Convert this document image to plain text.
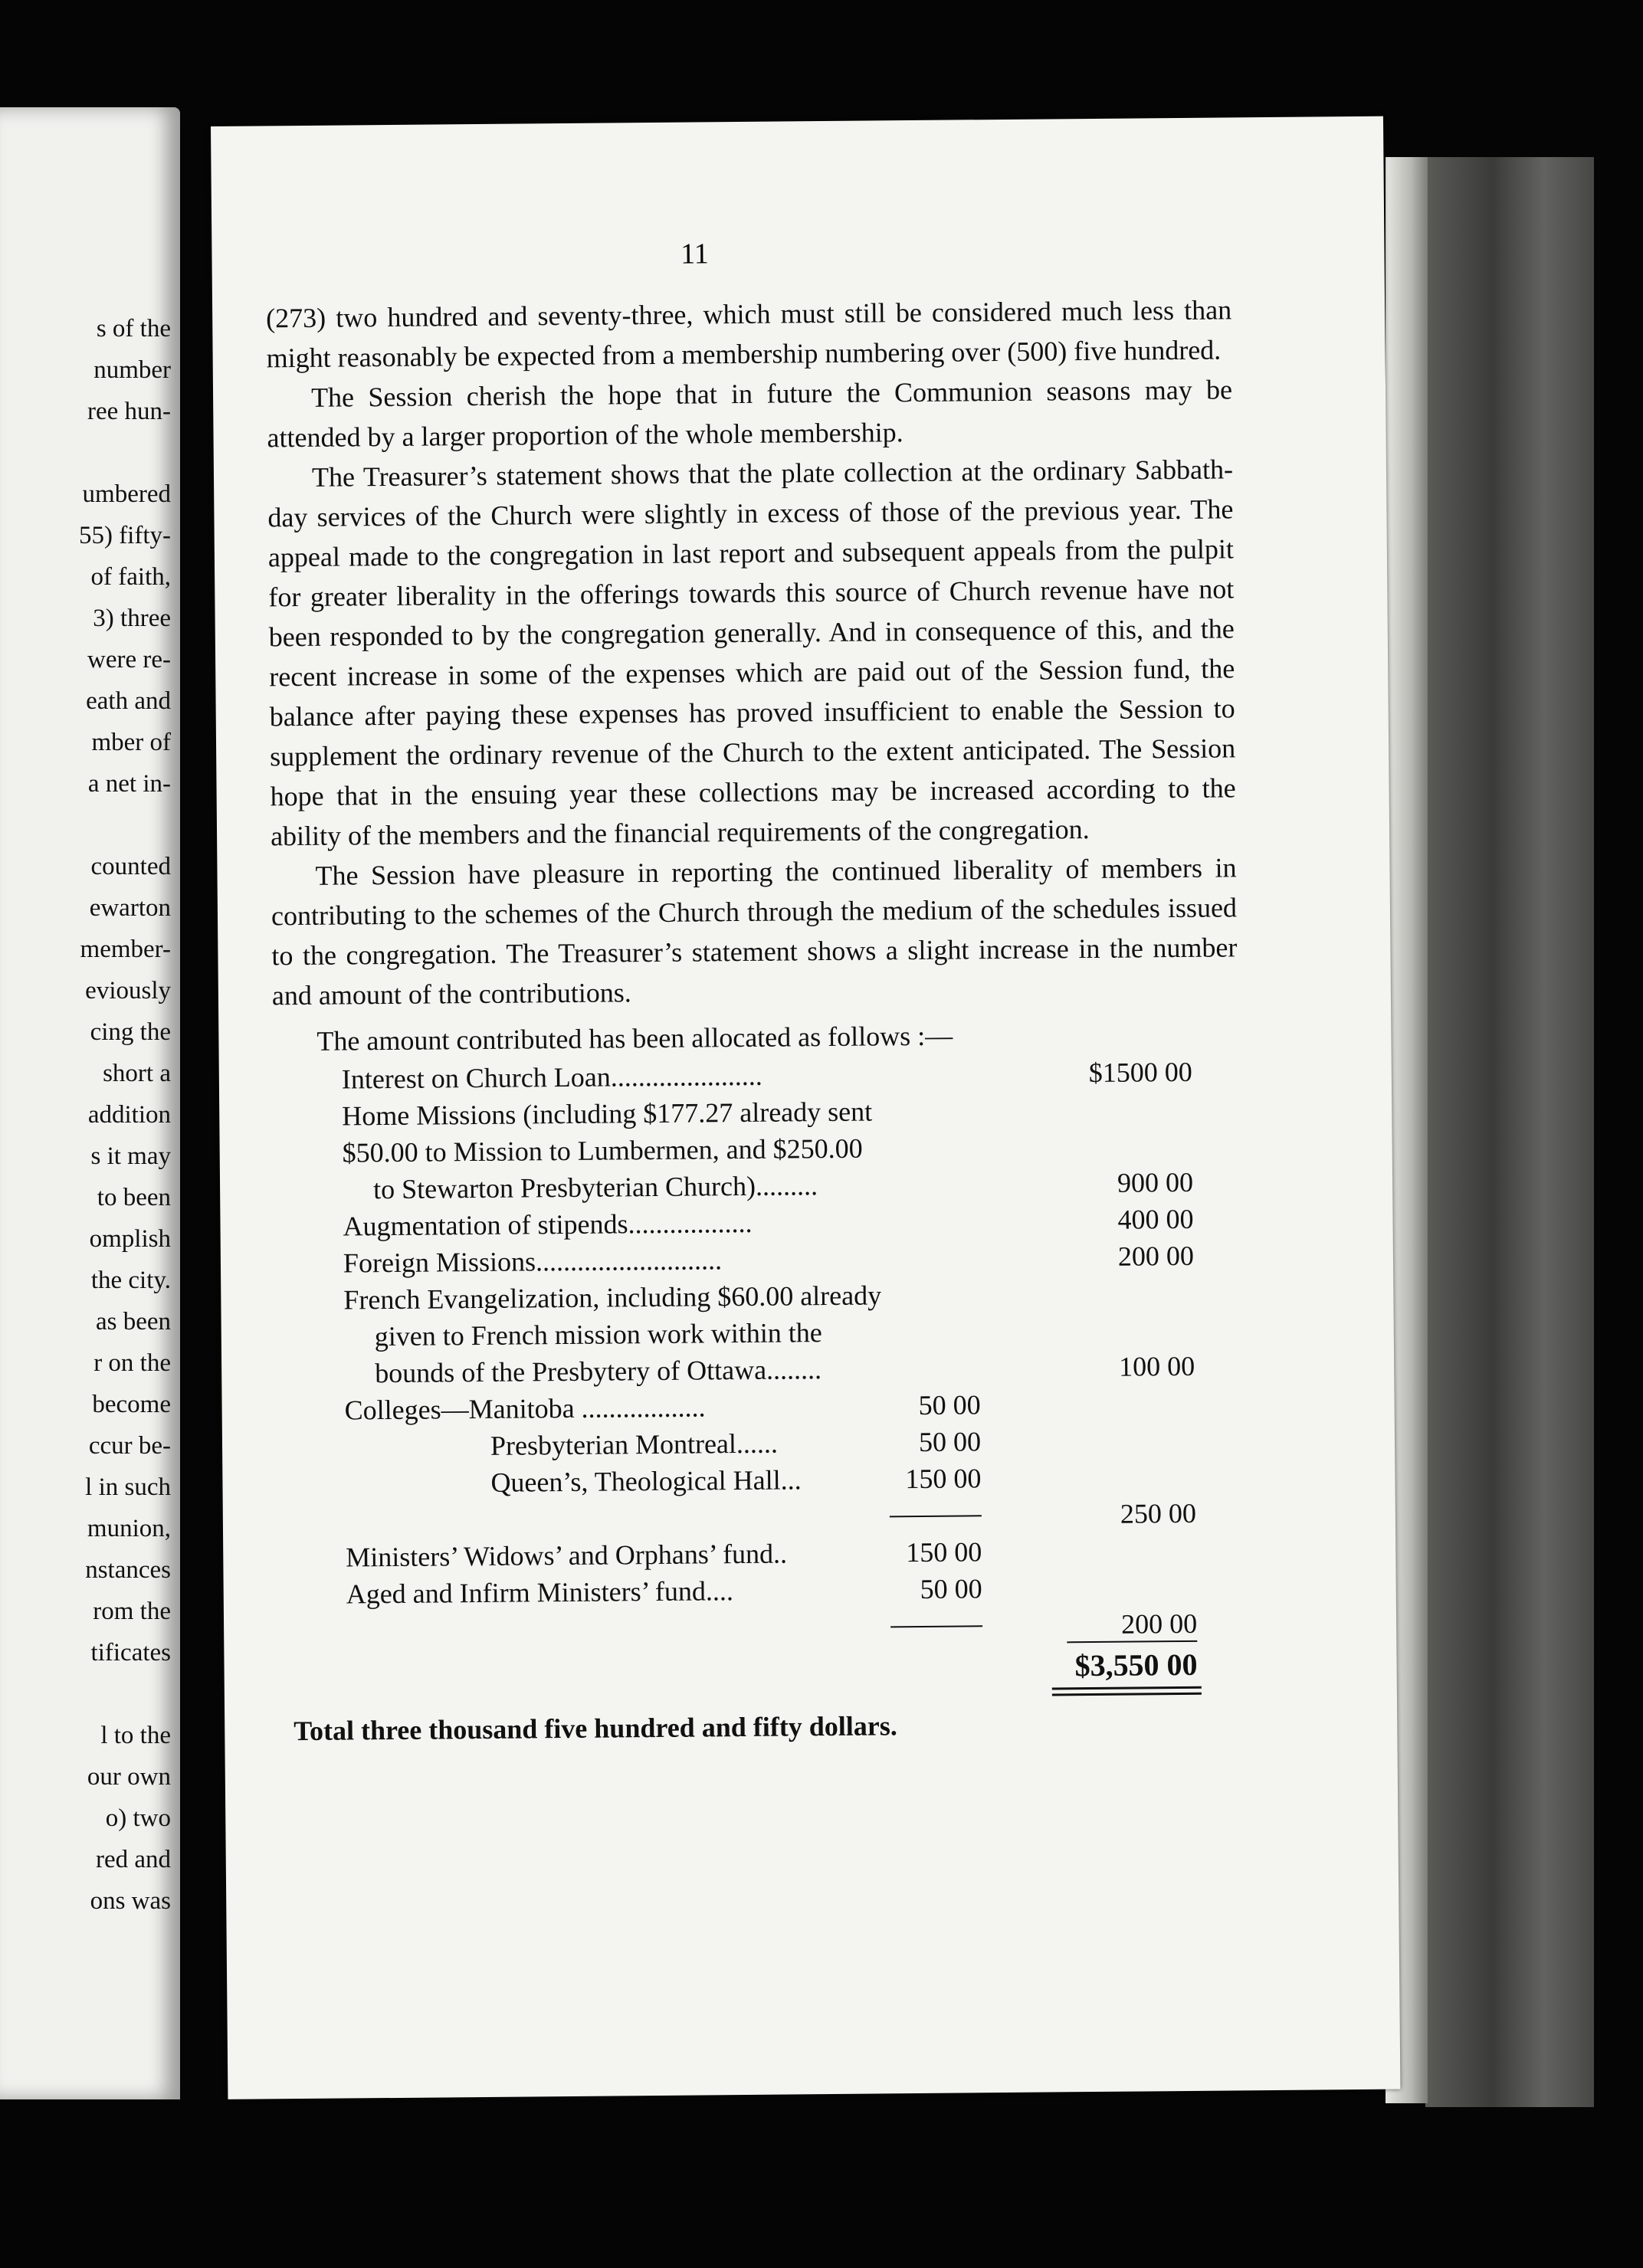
s of the
number
ree hun-
umbered
55) fifty-
of faith,
3) three
were re-
eath and
mber of
a net in-
counted
ewarton
member-
eviously
cing the
short a
addition
s it may
to been
omplish
the city.
as been
r on the
become
ccur be-
l in such
munion,
nstances
rom the
tificates
l to the
our own
o) two
red and
ons was
11

(273) two hundred and seventy-three, which must still be considered much less than might reasonably be expected from a membership numbering over (500) five hundred.

The Session cherish the hope that in future the Communion seasons may be attended by a larger proportion of the whole membership.

The Treasurer’s statement shows that the plate collection at the ordinary Sabbath-day services of the Church were slightly in excess of those of the previous year. The appeal made to the congregation in last report and subsequent appeals from the pulpit for greater liberality in the offerings towards this source of Church revenue have not been responded to by the congregation generally. And in consequence of this, and the recent increase in some of the expenses which are paid out of the Session fund, the balance after paying these expenses has proved insufficient to enable the Session to supplement the ordinary revenue of the Church to the extent anticipated. The Session hope that in the ensuing year these collections may be increased according to the ability of the members and the financial requirements of the congregation.

The Session have pleasure in reporting the continued liberality of members in contributing to the schemes of the Church through the medium of the schedules issued to the congregation. The Treasurer’s statement shows a slight increase in the number and amount of the contributions.

The amount contributed has been allocated as follows :—
Interest on Church Loan......................	$1500 00
Home Missions (including $177.27 already sent
$50.00 to Mission to Lumbermen, and $250.00
to Stewarton Presbyterian Church).........	900 00
Augmentation of stipends..................	400 00
Foreign Missions...........................	200 00
French Evangelization, including $60.00 already
given to French mission work within the
bounds of the Presbytery of Ottawa........	100 00
Colleges—Manitoba ..................	50 00
Presbyterian Montreal......	50 00
Queen’s, Theological Hall...	150 00
250 00
Ministers’ Widows’ and Orphans’ fund..	150 00
Aged and Infirm Ministers’ fund....	50 00
200 00
$3,550 00
Total three thousand five hundred and fifty dollars.
